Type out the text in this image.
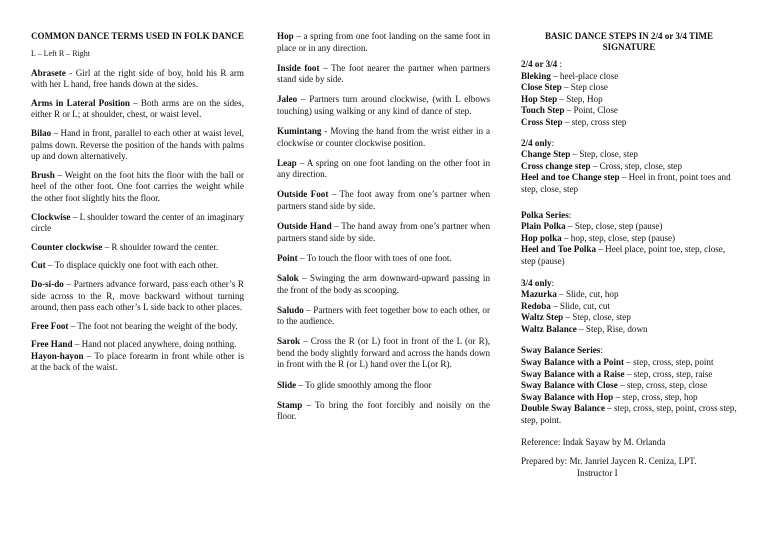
COMMON DANCE TERMS USED IN FOLK DANCE
L – Left R – Right

Abrasete - Girl at the right side of boy, hold his R arm with her L hand, free hands down at the sides.

Arms in Lateral Position – Both arms are on the sides, either R or L; at shoulder, chest, or waist level.

Bilao – Hand in front, parallel to each other at waist level, palms down. Reverse the position of the hands with palms up and down alternatively.

Brush – Weight on the foot hits the floor with the ball or heel of the other foot. One foot carries the weight while the other foot slightly hits the floor.

Clockwise – L shoulder toward the center of an imaginary circle

Counter clockwise – R shoulder toward the center.

Cut – To displace quickly one foot with each other.

Do-si-do – Partners advance forward, pass each other’s R side across to the R, move backward without turning around, then pass each other’s L side back to other places.

Free Foot – The foot not bearing the weight of the body.

Free Hand – Hand not placed anywhere, doing nothing.

Hayon-hayon – To place forearm in front while other is at the back of the waist.

Hop – a spring from one foot landing on the same foot in place or in any direction.

Inside foot – The foot nearer the partner when partners stand side by side.

Jaleo – Partners turn around clockwise, (with L elbows touching) using walking or any kind of dance of step.

Kumintang - Moving the hand from the wrist either in a clockwise or counter clockwise position.

Leap – A spring on one foot landing on the other foot in any direction.

Outside Foot – The foot away from one’s partner when partners stand side by side.

Outside Hand – The hand away from one’s partner when partners stand side by side.

Point – To touch the floor with toes of one foot.

Salok – Swinging the arm downward-upward passing in the front of the body as scooping.

Saludo – Partners with feet together bow to each other, or to the audience.

Sarok – Cross the R (or L) foot in front of the L (or R), bend the body slightly forward and across the hands down in front with the R (or L) hand over the L(or R).

Slide – To glide smoothly among the floor

Stamp – To bring the foot forcibly and noisily on the floor.

BASIC DANCE STEPS IN 2/4 or 3/4 TIME SIGNATURE

2/4 or 3/4 :

Bleking – heel-place close

Close Step – Step close

Hop Step – Step, Hop

Touch Step – Point, Close

Cross Step – step, cross step

2/4 only:

Change Step – Step, close, step

Cross change step – Cross, step, close, step

Heel and toe Change step – Heel in front, point toes and step, close, step

Polka Series:

Plain Polka – Step, close, step (pause)

Hop polka – hop, step, close, step (pause)

Heel and Toe Polka – Heel place, point toe, step, close, step (pause)

3/4 only:

Mazurka – Slide, cut, hop

Redoba – Slide, cut, cut

Waltz Step – Step, close, step

Waltz Balance – Step, Rise, down

Sway Balance Series:

Sway Balance with a Point – step, cross, step, point

Sway Balance with a Raise – step, cross, step, raise

Sway Balance with Close – step, cross, step, close

Sway Balance with Hop – step, cross, step, hop

Double Sway Balance – step, cross, step, point, cross step, step, point.

Reference: Indak Sayaw by M. Orlanda

Prepared by: Mr. Janriel Jaycen R. Ceniza, LPT.

Instructor I
